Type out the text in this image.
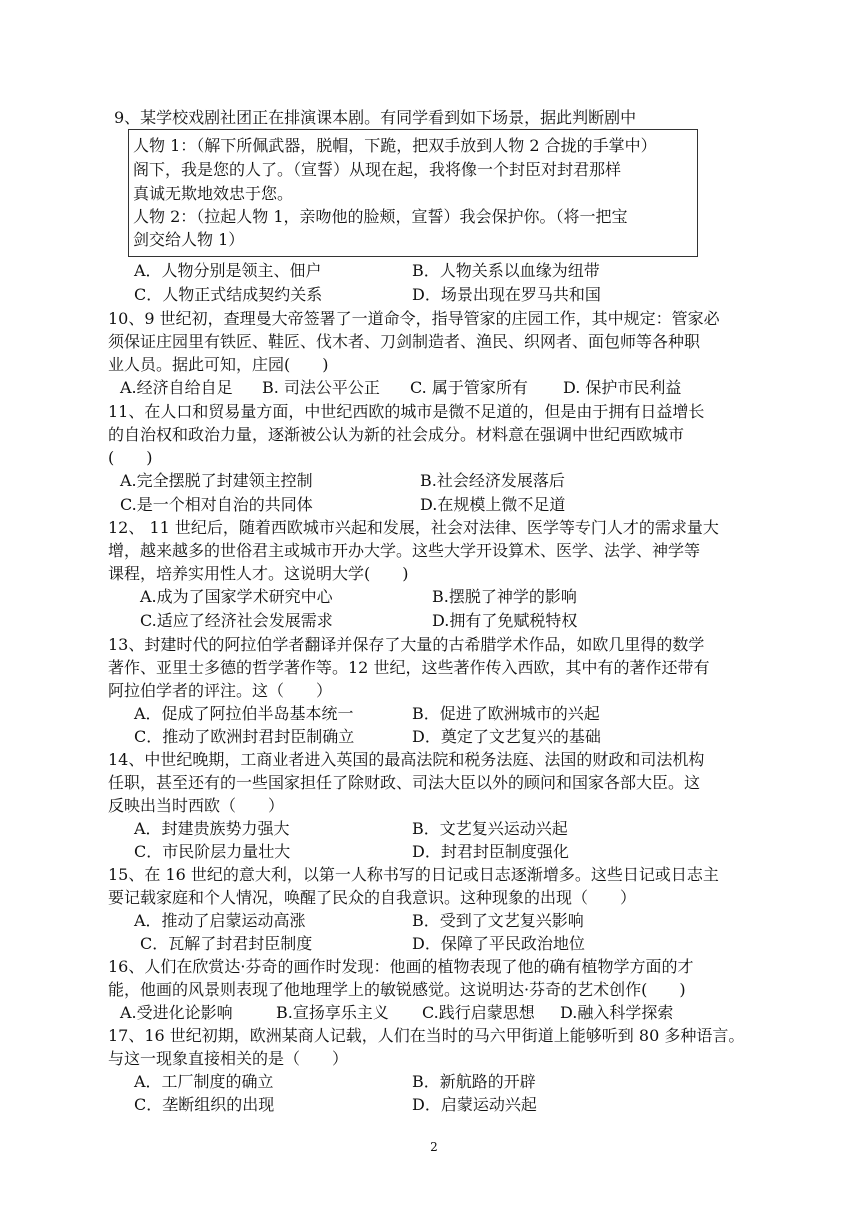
9、某学校戏剧社团正在排演课本剧。有同学看到如下场景，据此判断剧中
人物 1：（解下所佩武器，脱帽，下跪，把双手放到人物 2 合拢的手掌中）
阁下，我是您的人了。（宣誓）从现在起，我将像一个封臣对封君那样
真诚无欺地效忠于您。
人物 2：（拉起人物 1，亲吻他的脸颊，宣誓）我会保护你。（将一把宝
剑交给人物 1）
A．人物分别是领主、佃户	B．人物关系以血缘为纽带
C．人物正式结成契约关系	D．场景出现在罗马共和国
10、9 世纪初，查理曼大帝签署了一道命令，指导管家的庄园工作，其中规定：管家必
须保证庄园里有铁匠、鞋匠、伐木者、刀剑制造者、渔民、织网者、面包师等各种职
业人员。据此可知，庄园(　　)
A.经济自给自足 B. 司法公平公正 C. 属于管家所有 D. 保护市民利益
11、在人口和贸易量方面，中世纪西欧的城市是微不足道的，但是由于拥有日益增长
的自治权和政治力量，逐渐被公认为新的社会成分。材料意在强调中世纪西欧城市
(　　)
A.完全摆脱了封建领主控制	B.社会经济发展落后
C.是一个相对自治的共同体	D.在规模上微不足道
12、 11 世纪后，随着西欧城市兴起和发展，社会对法律、医学等专门人才的需求量大
增，越来越多的世俗君主或城市开办大学。这些大学开设算术、医学、法学、神学等
课程，培养实用性人才。这说明大学(　　)
A.成为了国家学术研究中心	B.摆脱了神学的影响
C.适应了经济社会发展需求	D.拥有了免赋税特权
13、封建时代的阿拉伯学者翻译并保存了大量的古希腊学术作品，如欧几里得的数学
著作、亚里士多德的哲学著作等。12 世纪，这些著作传入西欧，其中有的著作还带有
阿拉伯学者的评注。这（　　）
A．促成了阿拉伯半岛基本统一	B．促进了欧洲城市的兴起
C．推动了欧洲封君封臣制确立	D．奠定了文艺复兴的基础
14、中世纪晚期，工商业者进入英国的最高法院和税务法庭、法国的财政和司法机构
任职，甚至还有的一些国家担任了除财政、司法大臣以外的顾问和国家各部大臣。这
反映出当时西欧（　　）
A．封建贵族势力强大	B．文艺复兴运动兴起
C．市民阶层力量壮大	D．封君封臣制度强化
15、在 16 世纪的意大利，以第一人称书写的日记或日志逐渐增多。这些日记或日志主
要记载家庭和个人情况，唤醒了民众的自我意识。这种现象的出现（　　）
A．推动了启蒙运动高涨	B．受到了文艺复兴影响
C．瓦解了封君封臣制度	D．保障了平民政治地位
16、人们在欣赏达·芬奇的画作时发现：他画的植物表现了他的确有植物学方面的才
能，他画的风景则表现了他地理学上的敏锐感觉。这说明达·芬奇的艺术创作(　　)
A.受进化论影响	B.宣扬享乐主义 C.践行启蒙思想 D.融入科学探索
17、16 世纪初期，欧洲某商人记载，人们在当时的马六甲街道上能够听到 80 多种语言。
与这一现象直接相关的是（　　）
A．工厂制度的确立	B．新航路的开辟
C．垄断组织的出现	D．启蒙运动兴起
2
